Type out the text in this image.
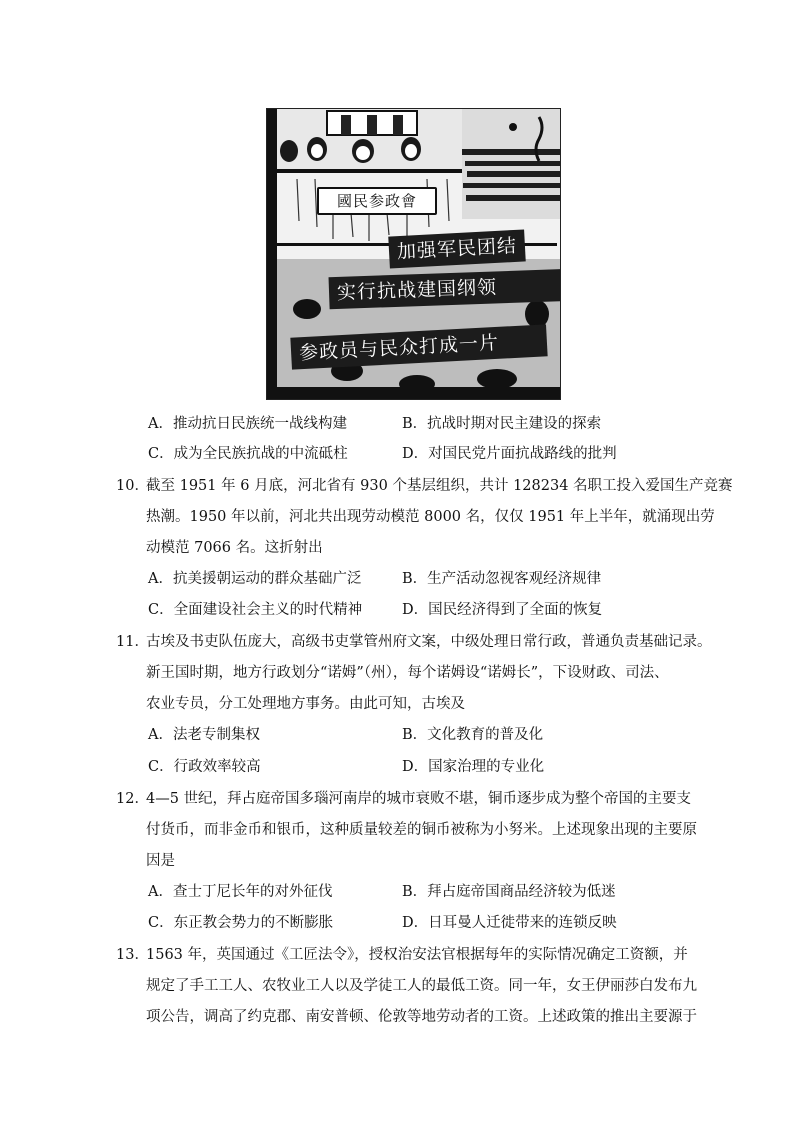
國民参政會
加强军民团结
实行抗战建国纲领
参政员与民众打成一片
A．推动抗日民族统一战线构建	B．抗战时期对民主建设的探索
C．成为全民族抗战的中流砥柱	D．对国民党片面抗战路线的批判
10．
截至 1951 年 6 月底，河北省有 930 个基层组织，共计 128234 名职工投入爱国生产竞赛
热潮。1950 年以前，河北共出现劳动模范 8000 名，仅仅 1951 年上半年，就涌现出劳
动模范 7066 名。这折射出
A．抗美援朝运动的群众基础广泛	B．生产活动忽视客观经济规律
C．全面建设社会主义的时代精神	D．国民经济得到了全面的恢复
11．
古埃及书吏队伍庞大，高级书吏掌管州府文案，中级处理日常行政，普通负责基础记录。
新王国时期，地方行政划分“诺姆”（州），每个诺姆设“诺姆长”，下设财政、司法、
农业专员，分工处理地方事务。由此可知，古埃及
A．法老专制集权	B．文化教育的普及化
C．行政效率较高	D．国家治理的专业化
12．
4—5 世纪，拜占庭帝国多瑙河南岸的城市衰败不堪，铜币逐步成为整个帝国的主要支
付货币，而非金币和银币，这种质量较差的铜币被称为小努米。上述现象出现的主要原
因是
A．查士丁尼长年的对外征伐	B．拜占庭帝国商品经济较为低迷
C．东正教会势力的不断膨胀	D．日耳曼人迁徙带来的连锁反映
13．
1563 年，英国通过《工匠法令》，授权治安法官根据每年的实际情况确定工资额，并
规定了手工工人、农牧业工人以及学徒工人的最低工资。同一年，女王伊丽莎白发布九
项公告，调高了约克郡、南安普顿、伦敦等地劳动者的工资。上述政策的推出主要源于
